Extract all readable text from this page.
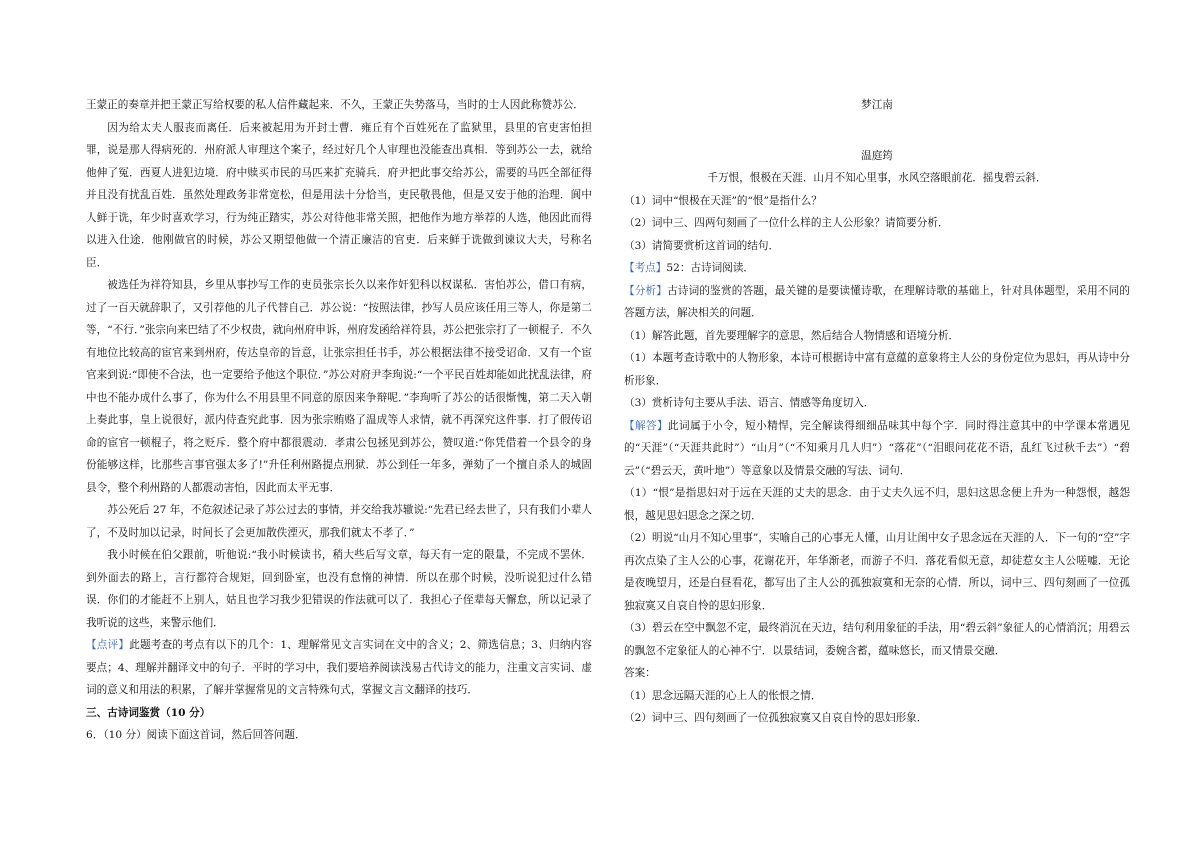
王蒙正的奏章并把王蒙正写给权要的私人信件藏起来．不久，王蒙正失势落马，当时的士人因此称赞苏公．

因为给太夫人服丧而离任．后来被起用为开封士曹．雍丘有个百姓死在了监狱里，县里的官吏害怕担罪，说是那人得病死的．州府派人审理这个案子，经过好几个人审理也没能查出真相．等到苏公一去，就给他伸了冤．西夏人进犯边境．府中赎买市民的马匹来扩充骑兵．府尹把此事交给苏公，需要的马匹全部征得并且没有扰乱百姓．虽然处理政务非常宽松，但是用法十分恰当，吏民敬畏他，但是又安于他的治理．阆中人鲜于诜，年少时喜欢学习，行为纯正踏实，苏公对待他非常关照，把他作为地方举荐的人选，他因此而得以进入仕途．他刚做官的时候，苏公又期望他做一个清正廉洁的官吏．后来鲜于诜做到谏议大夫，号称名臣．

被选任为祥符知县，乡里从事抄写工作的吏员张宗长久以来作奸犯科以权谋私．害怕苏公，借口有病，过了一百天就辞职了，又引荐他的儿子代替自己．苏公说：“按照法律，抄写人员应该任用三等人，你是第二等，“不行．”张宗向来巴结了不少权贵，就向州府申诉，州府发函给祥符县，苏公把张宗打了一顿棍子．不久有地位比较高的宦官来到州府，传达皇帝的旨意，让张宗担任书手，苏公根据法律不接受诏命．又有一个宦官来到说:“即使不合法，也一定要给予他这个职位．”苏公对府尹李珣说:“一个平民百姓却能如此扰乱法律，府中也不能办成什么事了，你为什么不用县里不同意的原因来争辩呢．”李珣听了苏公的话很惭愧，第二天入朝上奏此事，皇上说很好，派内侍查究此事．因为张宗贿赂了温成等人求情，就不再深究这件事．打了假传诏命的宦官一顿棍子，将之贬斥．整个府中都很震动．孝肃公包拯见到苏公，赞叹道:“你凭借着一个县令的身份能够这样，比那些言事官强太多了!”升任利州路提点刑狱．苏公到任一年多，弹劾了一个擅自杀人的城固县令，整个利州路的人都震动害怕，因此而太平无事．

苏公死后 27 年，不危叙述记录了苏公过去的事情，并交给我苏辙说:“先君已经去世了，只有我们小辈人了，不及时加以记录，时间长了会更加散佚湮灭，那我们就太不孝了．”

我小时候在伯父跟前，听他说:“我小时候读书，稍大些后写文章，每天有一定的限量，不完成不罢休．到外面去的路上，言行都符合规矩，回到卧室，也没有怠惰的神情．所以在那个时候，没听说犯过什么错误．你们的才能赶不上别人，姑且也学习我少犯错误的作法就可以了．我担心子侄辈每天懈怠，所以记录了我听说的这些，来警示他们．

【点评】此题考查的考点有以下的几个：1、理解常见文言实词在文中的含义；2、筛选信息；3、归纳内容要点；4、理解并翻译文中的句子．平时的学习中，我们要培养阅读浅易古代诗文的能力，注重文言实词、虚词的意义和用法的积累，了解并掌握常见的文言特殊句式，掌握文言文翻译的技巧．

三、古诗词鉴赏（10 分）

6．（10 分）阅读下面这首词，然后回答问题．

梦江南

温庭筠

千万恨，恨极在天涯．山月不知心里事，水风空落眼前花．摇曳碧云斜．

（1）词中“恨极在天涯”的“恨”是指什么？

（2）词中三、四两句刻画了一位什么样的主人公形象？请简要分析．

（3）请简要赏析这首词的结句．

【考点】52：古诗词阅读．

【分析】古诗词的鉴赏的答题，最关键的是要读懂诗歌，在理解诗歌的基础上，针对具体题型，采用不同的答题方法，解决相关的问题．

（1）解答此题，首先要理解字的意思，然后结合人物情感和语境分析．

（1）本题考查诗歌中的人物形象，本诗可根据诗中富有意蕴的意象将主人公的身份定位为思妇，再从诗中分析形象．

（3）赏析诗句主要从手法、语言、情感等角度切入．

【解答】此词属于小令，短小精悍，完全解读得细细品味其中每个字．同时得注意其中的中学课本常遇见的“天涯”（“天涯共此时”）“山月”（“不知乘月几人归”）“落花”（“泪眼问花花不语，乱红飞过秋千去”）“碧云”（“碧云天，黄叶地”）等意象以及情景交融的写法、词句．

（1）“恨”是指思妇对于远在天涯的丈夫的思念．由于丈夫久远不归，思妇这思念便上升为一种怨恨，越怨恨，越见思妇思念之深之切．

（2）明说“山月不知心里事”，实喻自己的心事无人懂，山月让闺中女子思念远在天涯的人．下一句的“空”字再次点染了主人公的心事，花谢花开，年华渐老，而游子不归．落花看似无意，却徒惹女主人公嗟嘘．无论是夜晚望月，还是白昼看花，都写出了主人公的孤独寂寞和无奈的心情．所以，词中三、四句刻画了一位孤独寂寞又自哀自怜的思妇形象．

（3）碧云在空中飘忽不定，最终消沉在天边，结句利用象征的手法，用“碧云斜”象征人的心情消沉；用碧云的飘忽不定象征人的心神不宁．以景结词，委婉含蓄，蕴味悠长，而又情景交融．

答案：

（1）思念远隔天涯的心上人的怅恨之情．

（2）词中三、四句刻画了一位孤独寂寞又自哀自怜的思妇形象．
